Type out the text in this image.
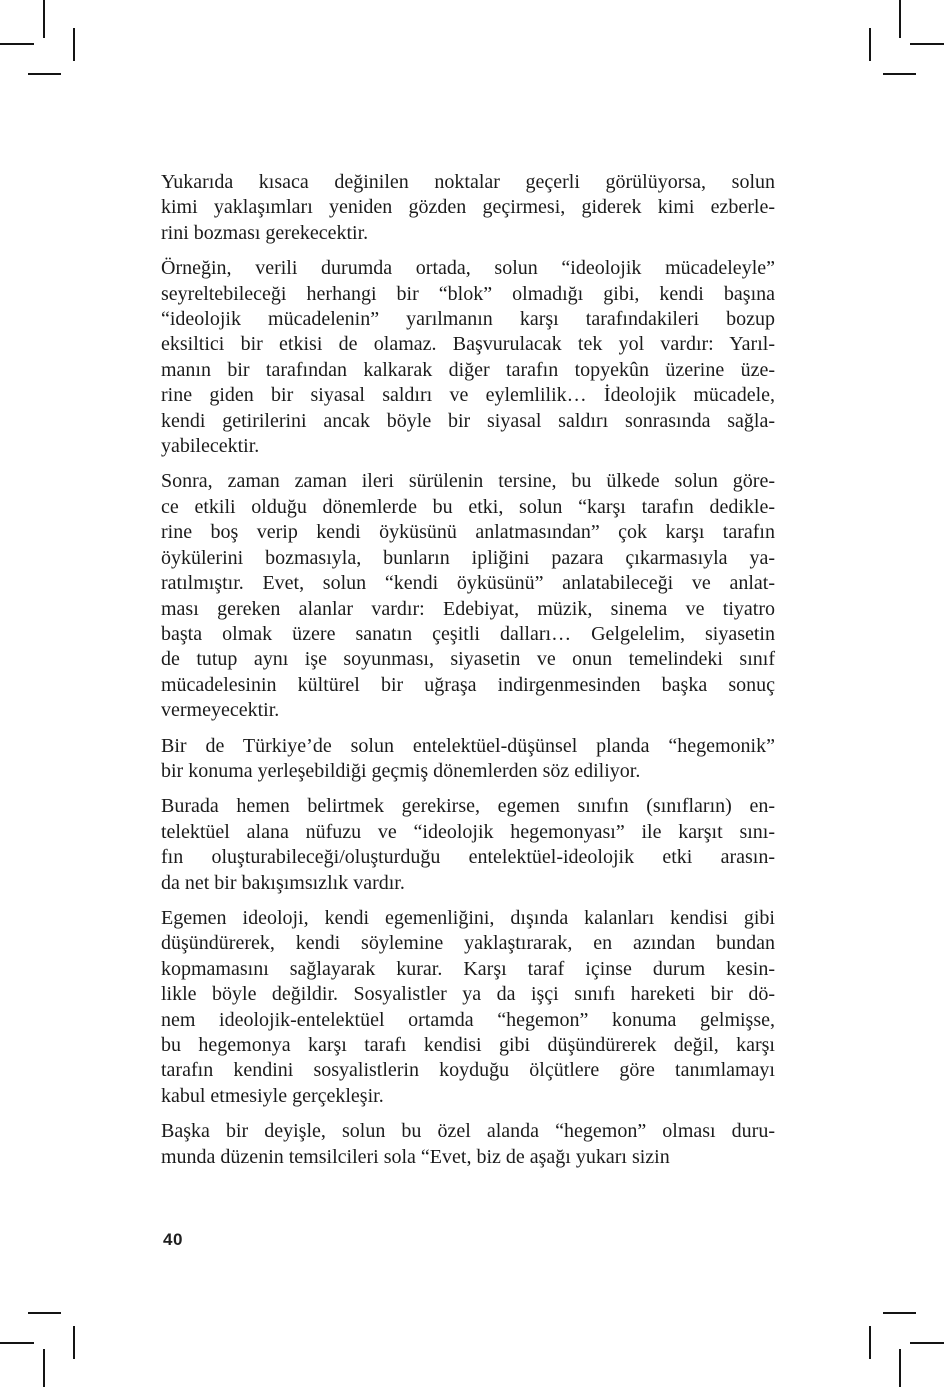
Yukarıda kısaca değinilen noktalar geçerli görülüyorsa, solun
kimi yaklaşımları yeniden gözden geçirmesi, giderek kimi ezberle-
rini bozması gerekecektir.
Örneğin, verili durumda ortada, solun “ideolojik mücadeleyle”
seyreltebileceği herhangi bir “blok” olmadığı gibi, kendi başına
“ideolojik mücadelenin” yarılmanın karşı tarafındakileri bozup
eksiltici bir etkisi de olamaz. Başvurulacak tek yol vardır: Yarıl-
manın bir tarafından kalkarak diğer tarafın topyekûn üzerine üze-
rine giden bir siyasal saldırı ve eylemlilik… İdeolojik mücadele,
kendi getirilerini ancak böyle bir siyasal saldırı sonrasında sağla-
yabilecektir.
Sonra, zaman zaman ileri sürülenin tersine, bu ülkede solun göre-
ce etkili olduğu dönemlerde bu etki, solun “karşı tarafın dedikle-
rine boş verip kendi öyküsünü anlatmasından” çok karşı tarafın
öykülerini bozmasıyla, bunların ipliğini pazara çıkarmasıyla ya-
ratılmıştır. Evet, solun “kendi öyküsünü” anlatabileceği ve anlat-
ması gereken alanlar vardır: Edebiyat, müzik, sinema ve tiyatro
başta olmak üzere sanatın çeşitli dalları… Gelgelelim, siyasetin
de tutup aynı işe soyunması, siyasetin ve onun temelindeki sınıf
mücadelesinin kültürel bir uğraşa indirgenmesinden başka sonuç
vermeyecektir.
Bir de Türkiye’de solun entelektüel-düşünsel planda “hegemonik”
bir konuma yerleşebildiği geçmiş dönemlerden söz ediliyor.
Burada hemen belirtmek gerekirse, egemen sınıfın (sınıfların) en-
telektüel alana nüfuzu ve “ideolojik hegemonyası” ile karşıt sını-
fın oluşturabileceği/oluşturduğu entelektüel-ideolojik etki arasın-
da net bir bakışımsızlık vardır.
Egemen ideoloji, kendi egemenliğini, dışında kalanları kendisi gibi
düşündürerek, kendi söylemine yaklaştırarak, en azından bundan
kopmamasını sağlayarak kurar. Karşı taraf içinse durum kesin-
likle böyle değildir. Sosyalistler ya da işçi sınıfı hareketi bir dö-
nem ideolojik-entelektüel ortamda “hegemon” konuma gelmişse,
bu hegemonya karşı tarafı kendisi gibi düşündürerek değil, karşı
tarafın kendini sosyalistlerin koyduğu ölçütlere göre tanımlamayı
kabul etmesiyle gerçekleşir.
Başka bir deyişle, solun bu özel alanda “hegemon” olması duru-
munda düzenin temsilcileri sola “Evet, biz de aşağı yukarı sizin
40
